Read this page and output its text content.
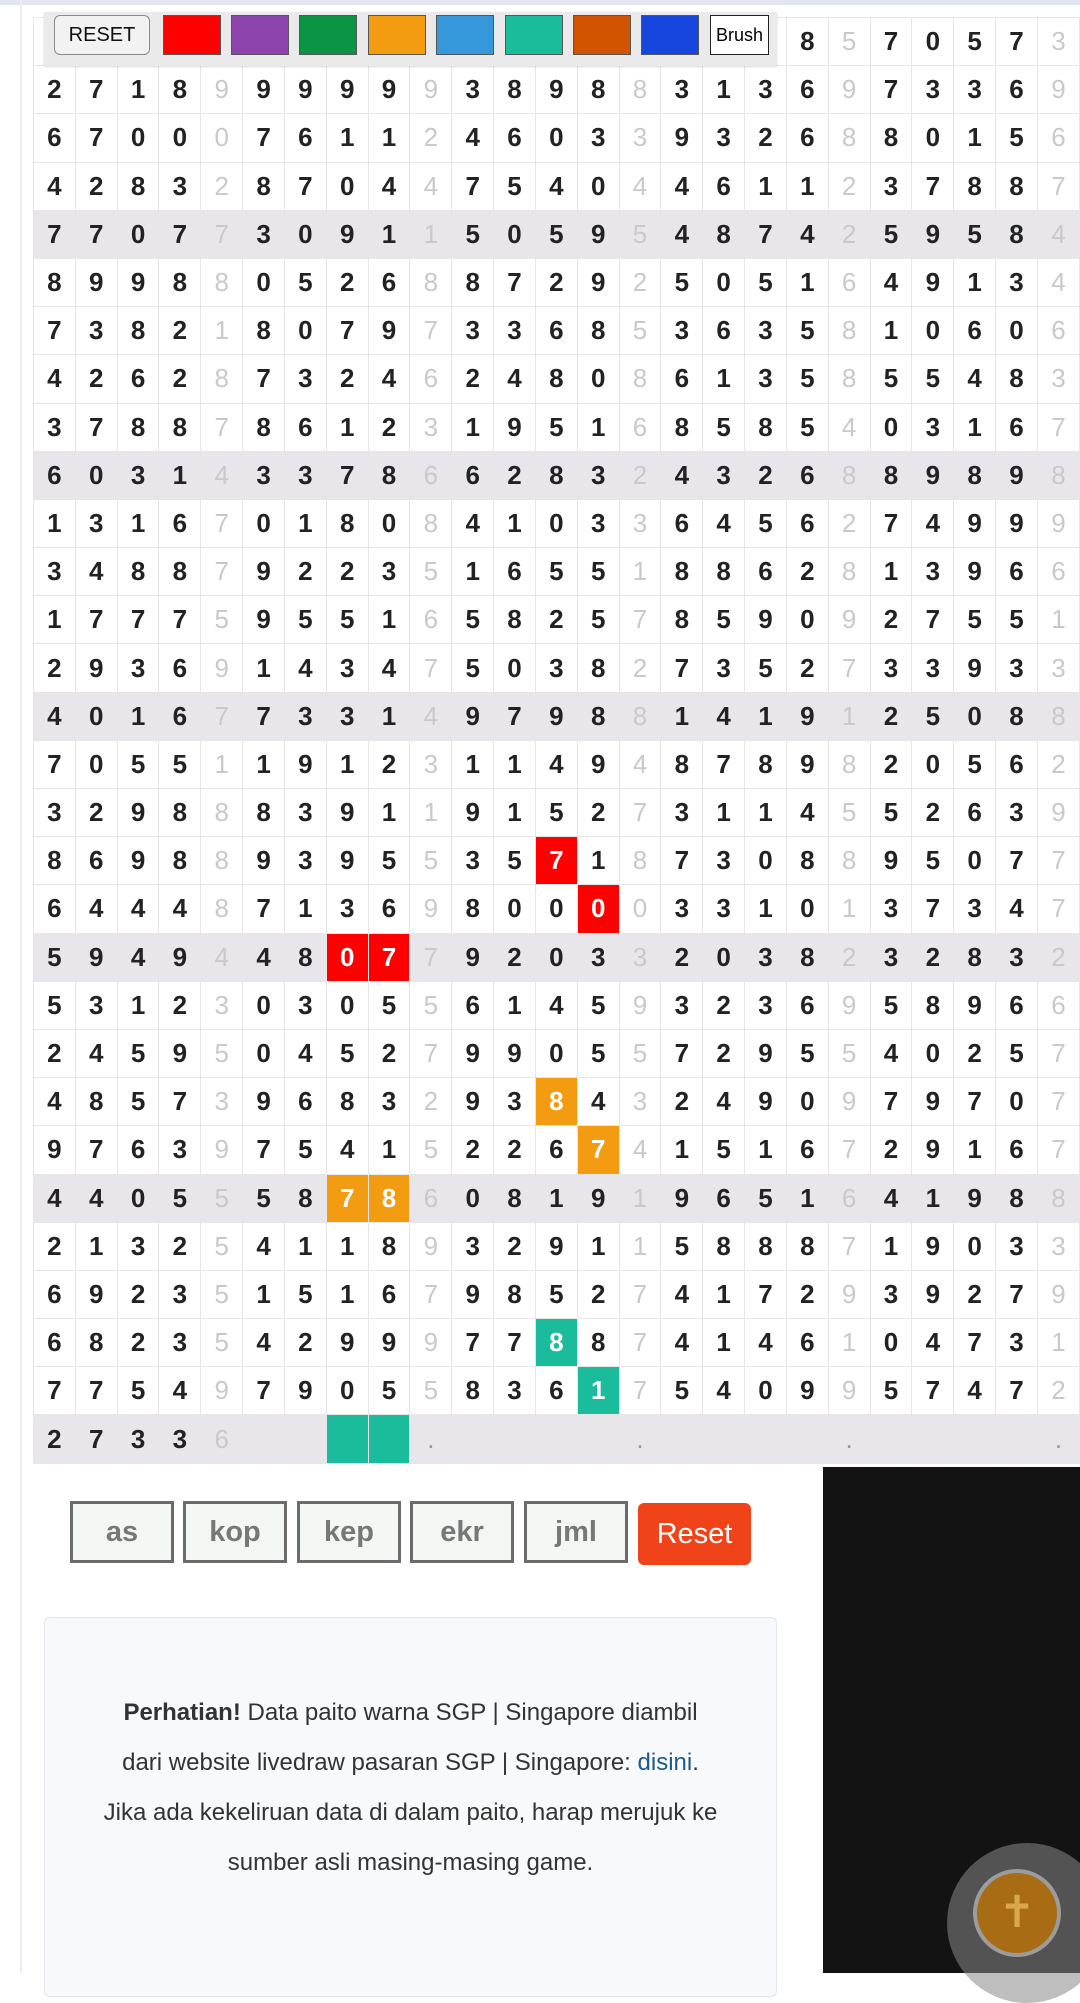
																		8	5	7	0	5	7	3
2	7	1	8	9	9	9	9	9	9	3	8	9	8	8	3	1	3	6	9	7	3	3	6	9
6	7	0	0	0	7	6	1	1	2	4	6	0	3	3	9	3	2	6	8	8	0	1	5	6
4	2	8	3	2	8	7	0	4	4	7	5	4	0	4	4	6	1	1	2	3	7	8	8	7
7	7	0	7	7	3	0	9	1	1	5	0	5	9	5	4	8	7	4	2	5	9	5	8	4
8	9	9	8	8	0	5	2	6	8	8	7	2	9	2	5	0	5	1	6	4	9	1	3	4
7	3	8	2	1	8	0	7	9	7	3	3	6	8	5	3	6	3	5	8	1	0	6	0	6
4	2	6	2	8	7	3	2	4	6	2	4	8	0	8	6	1	3	5	8	5	5	4	8	3
3	7	8	8	7	8	6	1	2	3	1	9	5	1	6	8	5	8	5	4	0	3	1	6	7
6	0	3	1	4	3	3	7	8	6	6	2	8	3	2	4	3	2	6	8	8	9	8	9	8
1	3	1	6	7	0	1	8	0	8	4	1	0	3	3	6	4	5	6	2	7	4	9	9	9
3	4	8	8	7	9	2	2	3	5	1	6	5	5	1	8	8	6	2	8	1	3	9	6	6
1	7	7	7	5	9	5	5	1	6	5	8	2	5	7	8	5	9	0	9	2	7	5	5	1
2	9	3	6	9	1	4	3	4	7	5	0	3	8	2	7	3	5	2	7	3	3	9	3	3
4	0	1	6	7	7	3	3	1	4	9	7	9	8	8	1	4	1	9	1	2	5	0	8	8
7	0	5	5	1	1	9	1	2	3	1	1	4	9	4	8	7	8	9	8	2	0	5	6	2
3	2	9	8	8	8	3	9	1	1	9	1	5	2	7	3	1	1	4	5	5	2	6	3	9
8	6	9	8	8	9	3	9	5	5	3	5	7	1	8	7	3	0	8	8	9	5	0	7	7
6	4	4	4	8	7	1	3	6	9	8	0	0	0	0	3	3	1	0	1	3	7	3	4	7
5	9	4	9	4	4	8	0	7	7	9	2	0	3	3	2	0	3	8	2	3	2	8	3	2
5	3	1	2	3	0	3	0	5	5	6	1	4	5	9	3	2	3	6	9	5	8	9	6	6
2	4	5	9	5	0	4	5	2	7	9	9	0	5	5	7	2	9	5	5	4	0	2	5	7
4	8	5	7	3	9	6	8	3	2	9	3	8	4	3	2	4	9	0	9	7	9	7	0	7
9	7	6	3	9	7	5	4	1	5	2	2	6	7	4	1	5	1	6	7	2	9	1	6	7
4	4	0	5	5	5	8	7	8	6	0	8	1	9	1	9	6	5	1	6	4	1	9	8	8
2	1	3	2	5	4	1	1	8	9	3	2	9	1	1	5	8	8	8	7	1	9	0	3	3
6	9	2	3	5	1	5	1	6	7	9	8	5	2	7	4	1	7	2	9	3	9	2	7	9
6	8	2	3	5	4	2	9	9	9	7	7	8	8	7	4	1	4	6	1	0	4	7	3	1
7	7	5	4	9	7	9	0	5	5	8	3	6	1	7	5	4	0	9	9	5	7	4	7	2
2	7	3	3	6					.					.					.					.
RESET	Brush
as	kop	kep	ekr	jml	Reset
Perhatian! Data paito warna SGP | Singapore diambil dari website livedraw pasaran SGP | Singapore: disini. Jika ada kekeliruan data di dalam paito, harap merujuk ke sumber asli masing-masing game.
✝
